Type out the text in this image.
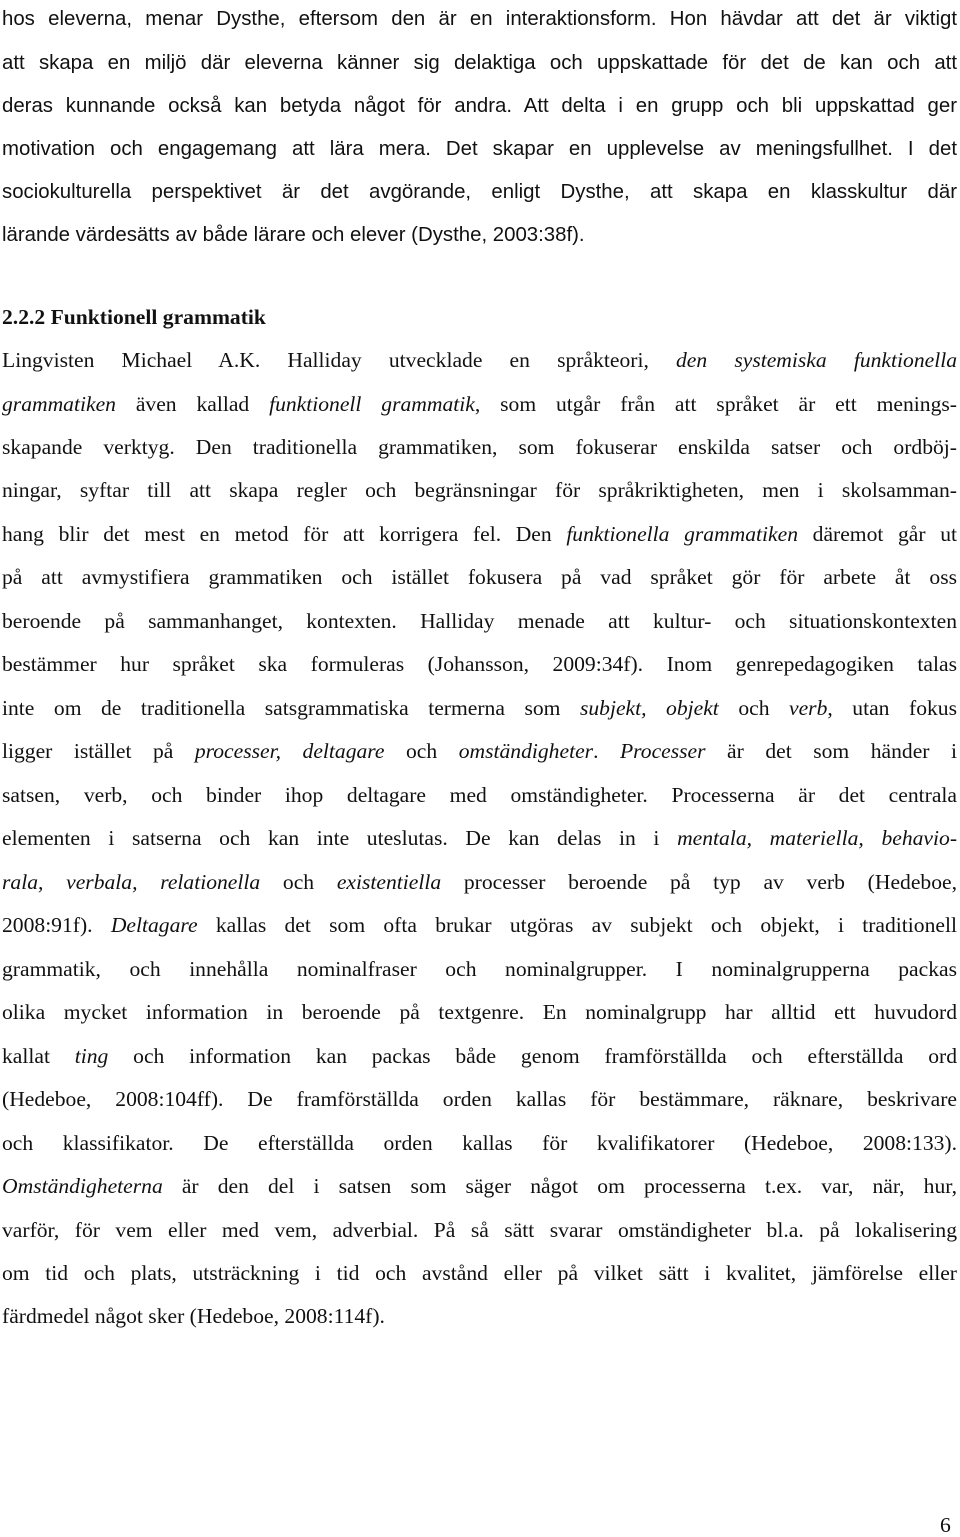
hos eleverna, menar Dysthe, eftersom den är en interaktionsform. Hon hävdar att det är viktigt
att skapa en miljö där eleverna känner sig delaktiga och uppskattade för det de kan och att
deras kunnande också kan betyda något för andra. Att delta i en grupp och bli uppskattad ger
motivation och engagemang att lära mera. Det skapar en upplevelse av meningsfullhet. I det
sociokulturella perspektivet är det avgörande, enligt Dysthe, att skapa en klasskultur där
lärande värdesätts av både lärare och elever (Dysthe, 2003:38f).
2.2.2 Funktionell grammatik
Lingvisten Michael A.K. Halliday utvecklade en språkteori, den systemiska funktionella
grammatiken även kallad funktionell grammatik, som utgår från att språket är ett menings-
skapande verktyg. Den traditionella grammatiken, som fokuserar enskilda satser och ordböj-
ningar, syftar till att skapa regler och begränsningar för språkriktigheten, men i skolsamman-
hang blir det mest en metod för att korrigera fel. Den funktionella grammatiken däremot går ut
på att avmystifiera grammatiken och istället fokusera på vad språket gör för arbete åt oss
beroende på sammanhanget, kontexten. Halliday menade att kultur- och situationskontexten
bestämmer hur språket ska formuleras (Johansson, 2009:34f). Inom genrepedagogiken talas
inte om de traditionella satsgrammatiska termerna som subjekt, objekt och verb, utan fokus
ligger istället på processer, deltagare och omständigheter. Processer är det som händer i
satsen, verb, och binder ihop deltagare med omständigheter. Processerna är det centrala
elementen i satserna och kan inte uteslutas. De kan delas in i mentala, materiella, behavio-
rala, verbala, relationella och existentiella processer beroende på typ av verb (Hedeboe,
2008:91f). Deltagare kallas det som ofta brukar utgöras av subjekt och objekt, i traditionell
grammatik, och innehålla nominalfraser och nominalgrupper. I nominalgrupperna packas
olika mycket information in beroende på textgenre. En nominalgrupp har alltid ett huvudord
kallat ting och information kan packas både genom framförställda och efterställda ord
(Hedeboe, 2008:104ff). De framförställda orden kallas för bestämmare, räknare, beskrivare
och klassifikator. De efterställda orden kallas för kvalifikatorer (Hedeboe, 2008:133).
Omständigheterna är den del i satsen som säger något om processerna t.ex. var, när, hur,
varför, för vem eller med vem, adverbial. På så sätt svarar omständigheter bl.a. på lokalisering
om tid och plats, utsträckning i tid och avstånd eller på vilket sätt i kvalitet, jämförelse eller
färdmedel något sker (Hedeboe, 2008:114f).
6
